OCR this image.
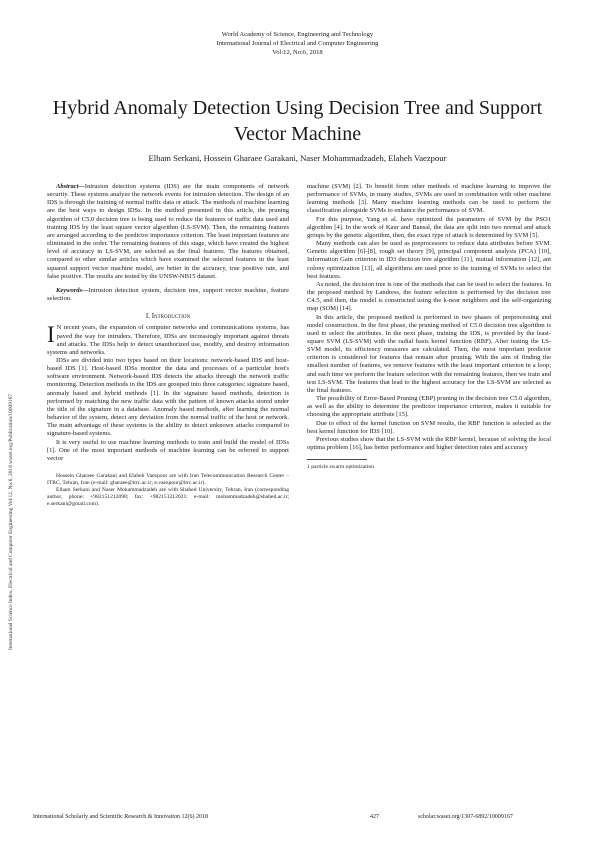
World Academy of Science, Engineering and Technology
International Journal of Electrical and Computer Engineering
Vol:12, No:6, 2018
Hybrid Anomaly Detection Using Decision Tree and Support Vector Machine
Elham Serkani, Hossein Gharaee Garakani, Naser Mohammadzadeh, Elaheh Vaezpour
International Science Index, Electrical and Computer Engineering Vol:12, No:6, 2018 waset.org/Publication/10009167

Abstract—Intrusion detection systems (IDS) are the main components of network security. These systems analyze the network events for intrusion detection. The design of an IDS is through the training of normal traffic data or attack. The methods of machine learning are the best ways to design IDSs. In the method presented in this article, the pruning algorithm of C5.0 decision tree is being used to reduce the features of traffic data used and training IDS by the least square vector algorithm (LS-SVM). Then, the remaining features are arranged according to the predictor importance criterion. The least important features are eliminated in the order. The remaining features of this stage, which have created the highest level of accuracy in LS-SVM, are selected as the final features. The features obtained, compared to other similar articles which have examined the selected features in the least squared support vector machine model, are better in the accuracy, true positive rate, and false positive. The results are tested by the UNSW-NB15 dataset.

Keywords—Intrusion detection system, decision tree, support vector machine, feature selection.

I. Introduction

I N recent years, the expansion of computer networks and communications systems, has paved the way for intruders. Therefore, IDSs are increasingly important against threats and attacks. The IDSs help to detect unauthorized use, modify, and destroy information systems and networks.

IDSs are divided into two types based on their locations: network-based IDS and host-based IDS [1]. Host-based IDSs monitor the data and processes of a particular host's software environment. Network-based IDS detects the attacks through the network traffic monitoring. Detection methods in the IDS are grouped into three categories: signature based, anomaly based and hybrid methods [1]. In the signature based methods, detection is performed by matching the new traffic data with the pattern of known attacks stored under the title of the signature in a database. Anomaly based methods, after learning the normal behavior of the system, detect any deviation from the normal traffic of the host or network. The main advantage of these systems is the ability to detect unknown attacks compared to signature-based systems.

It is very useful to use machine learning methods to train and build the model of IDSs [1]. One of the most important methods of machine learning can be referred to support vector

Hossein Gharaee Garakani and Elaheh Vaezpour are with Iran Telecommunication Research Center – ITRC, Tehran, Iran (e-mail: gharaee@itrc.ac.ir; e.vaezpour@itrc.ac.ir).

Elham Serkani and Naser Mohammadzadeh are with Shahed University, Tehran, Iran (corresponding author, phone: +982151212098; fax: +982151212021; e-mail: mohammadzadeh@shahed.ac.ir; e.serkani@gmail.com).

machine (SVM) [2]. To benefit from other methods of machine learning to improve the performance of SVMs, in many studies, SVMs are used in combination with other machine learning methods [3]. Many machine learning methods can be used to perform the classification alongside SVMs to enhance the performance of SVM.

For this purpose, Yang et al. have optimized the parameters of SVM by the PSO1 algorithm [4]. In the work of Kaur and Bansal, the data are split into two normal and attack groups by the genetic algorithm, then, the exact type of attack is determined by SVM [5].

Many methods can also be used as preprocessors to reduce data attributes before SVM. Genetic algorithm [6]-[8], rough set theory [9], principal component analysis (PCA) [10], Information Gain criterion in ID3 decision tree algorithm [11], mutual information [12], ant colony optimization [13], all algorithms are used prior to the training of SVMs to select the best features.

As noted, the decision tree is one of the methods that can be used to select the features. In the proposed method by Landress, the feature selection is performed by the decision tree C4.5, and then, the model is constructed using the k-near neighbors and the self-organizing map (SOM) [14].

In this article, the proposed method is performed in two phases of preprocessing and model construction. In the first phase, the pruning method of C5.0 decision tree algorithm is used to select the attributes. In the next phase, training the IDS, is provided by the least-square SVM (LS-SVM) with the radial basis kernel function (RBF). After testing the LS-SVM model, its efficiency measures are calculated. Then, the most important predictor criterion is considered for features that remain after pruning. With the aim of finding the smallest number of features, we remove features with the least important criterion in a loop; and each time we perform the feature selection with the remaining features, then we train and test LS-SVM. The features that lead to the highest accuracy for the LS-SVM are selected as the final features.

The possibility of Error-Based Pruning (EBP) pruning in the decision tree C5.0 algorithm, as well as the ability to determine the predictor importance criterion, makes it suitable for choosing the appropriate attribute [15].

Due to effect of the kernel function on SVM results, the RBF function is selected as the best kernel function for IDS [10].

Previous studies show that the LS-SVM with the RBF kernel, because of solving the local optima problem [16], has better performance and higher detection rates and accuracy

1 particle swarm optimization
International Scholarly and Scientific Research & Innovation 12(6) 2018	427	scholar.waset.org/1307-6892/10009167
